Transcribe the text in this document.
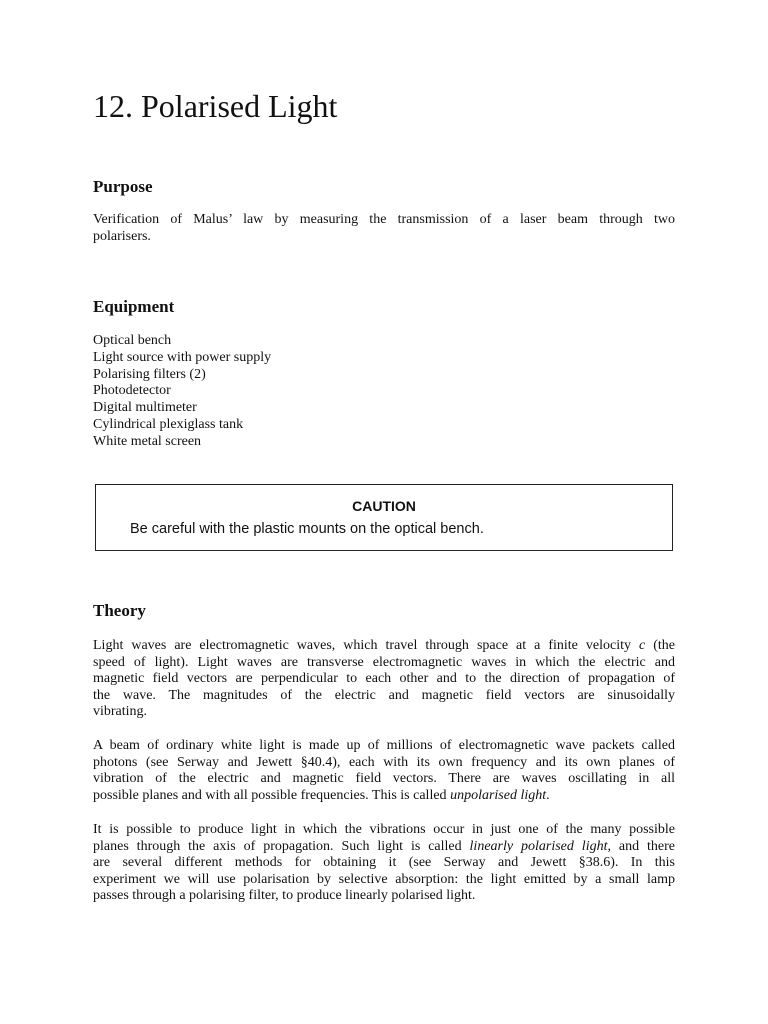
12. Polarised Light
Purpose
Verification of Malus’ law by measuring the transmission of a laser beam through two
polarisers.
Equipment
Optical bench
Light source with power supply
Polarising filters (2)
Photodetector
Digital multimeter
Cylindrical plexiglass tank
White metal screen
CAUTION
Be careful with the plastic mounts on the optical bench.
Theory
Light waves are electromagnetic waves, which travel through space at a finite velocity c (the
speed of light). Light waves are transverse electromagnetic waves in which the electric and
magnetic field vectors are perpendicular to each other and to the direction of propagation of
the wave. The magnitudes of the electric and magnetic field vectors are sinusoidally
vibrating.
A beam of ordinary white light is made up of millions of electromagnetic wave packets called
photons (see Serway and Jewett §40.4), each with its own frequency and its own planes of
vibration of the electric and magnetic field vectors. There are waves oscillating in all
possible planes and with all possible frequencies. This is called unpolarised light.
It is possible to produce light in which the vibrations occur in just one of the many possible
planes through the axis of propagation. Such light is called linearly polarised light, and there
are several different methods for obtaining it (see Serway and Jewett §38.6). In this
experiment we will use polarisation by selective absorption: the light emitted by a small lamp
passes through a polarising filter, to produce linearly polarised light.
